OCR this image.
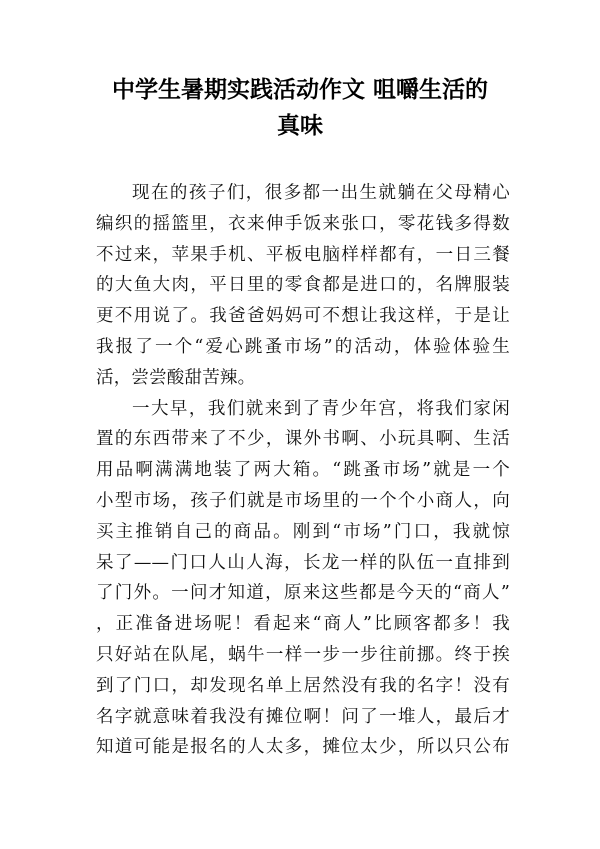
中学生暑期实践活动作文 咀嚼生活的
真味
现在的孩子们，很多都一出生就躺在父母精心
编织的摇篮里，衣来伸手饭来张口，零花钱多得数
不过来，苹果手机、平板电脑样样都有，一日三餐
的大鱼大肉，平日里的零食都是进口的，名牌服装
更不用说了。我爸爸妈妈可不想让我这样，于是让
我报了一个“爱心跳蚤市场”的活动，体验体验生
活，尝尝酸甜苦辣。
一大早，我们就来到了青少年宫，将我们家闲
置的东西带来了不少，课外书啊、小玩具啊、生活
用品啊满满地装了两大箱。“跳蚤市场”就是一个
小型市场，孩子们就是市场里的一个个小商人，向
买主推销自己的商品。刚到“市场”门口，我就惊
呆了——门口人山人海，长龙一样的队伍一直排到
了门外。一问才知道，原来这些都是今天的“商人”
，正准备进场呢！看起来“商人”比顾客都多！我
只好站在队尾，蜗牛一样一步一步往前挪。终于挨
到了门口，却发现名单上居然没有我的名字！没有
名字就意味着我没有摊位啊！问了一堆人，最后才
知道可能是报名的人太多，摊位太少，所以只公布
